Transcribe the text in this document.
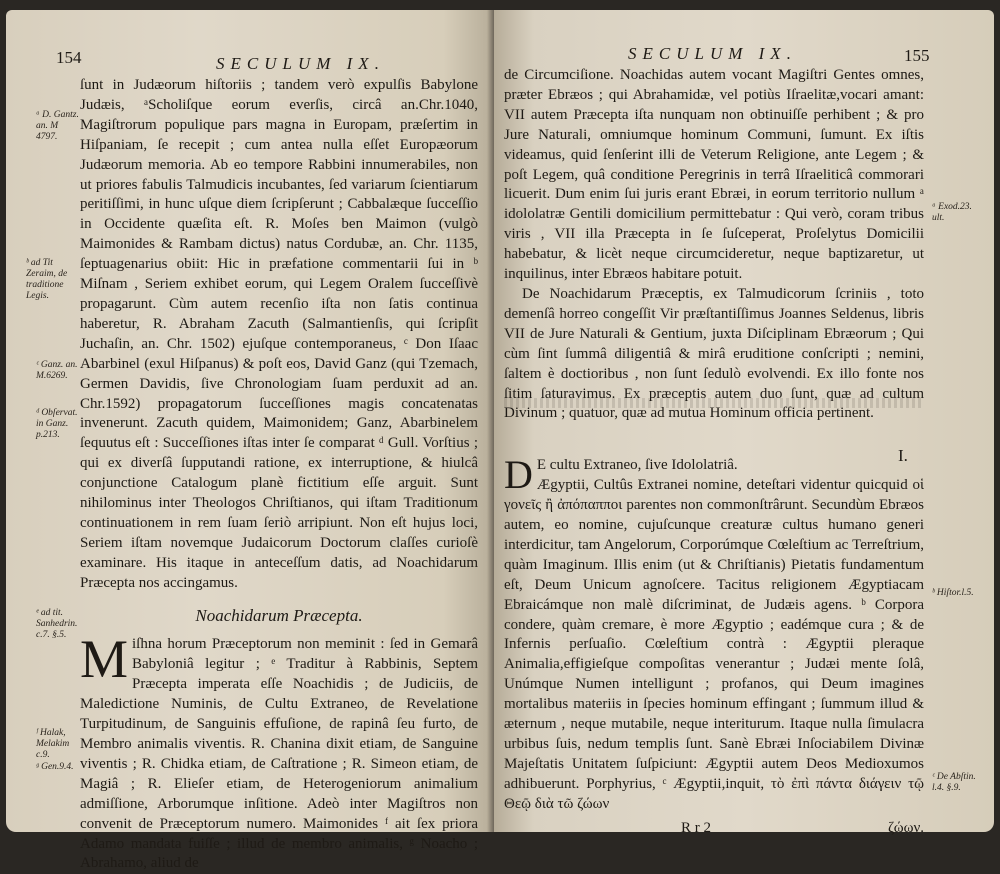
154	SECULUM IX.
ᵃ D. Gantz. an. M 4797.
ᵇ ad Tit Zeraim, de traditione Legis.
ᶜ Ganz. an. M.6269.
ᵈ Obſervat. in Ganz. p.213.
ᵉ ad tit. Sanhedrin. c.7. §.5.
ᶠ Halak, Melakim c.9.
ᵍ Gen.9.4.

ſunt in Judæorum hiſtoriis ; tandem verò expulſis Babylone Judæis, ᵃScholiſque eorum everſis, circâ an.Chr.1040, Magiſtrorum populique pars magna in Europam, præſertim in Hiſpaniam, ſe recepit ; cum antea nulla eſſet Europæorum Judæorum memoria. Ab eo tempore Rabbini innumerabiles, non ut priores fabulis Talmudicis incubantes, ſed variarum ſcientiarum peritiſſimi, in hunc uſque diem ſcripſerunt ; Cabbalæque ſucceſſio in Occidente quæſita eſt. R. Moſes ben Maimon (vulgò Maimonides & Rambam dictus) natus Cordubæ, an. Chr. 1135, ſeptuagenarius obiit: Hic in præfatione commentarii ſui in ᵇ Miſnam , Seriem exhibet eorum, qui Legem Oralem ſucceſſivè propagarunt. Cùm autem recenſio iſta non ſatis continua haberetur, R. Abraham Zacuth (Salmantienſis, qui ſcripſit Juchaſin, an. Chr. 1502) ejuſque contemporaneus, ᶜ Don Iſaac Abarbinel (exul Hiſpanus) & poſt eos, David Ganz (qui Tzemach, Germen Davidis, ſive Chronologiam ſuam perduxit ad an. Chr.1592) propagatorum ſucceſſiones magis concatenatas invenerunt. Zacuth quidem, Maimonidem; Ganz, Abarbinelem ſequutus eſt : Succeſſiones iſtas inter ſe comparat ᵈ Gull. Vorſtius ; qui ex diverſâ ſupputandi ratione, ex interruptione, & hiulcâ conjunctione Catalogum planè fictitium eſſe arguit. Sunt nihilominus inter Theologos Chriſtianos, qui iſtam Traditionum continuationem in rem ſuam ſeriò arripiunt. Non eſt hujus loci, Seriem iſtam novemque Judaicorum Doctorum claſſes curioſè examinare. His itaque in anteceſſum datis, ad Noachidarum Præcepta nos accingamus.

Noachidarum Præcepta.

Miſhna horum Præceptorum non meminit : ſed in Gemarâ Babyloniâ legitur ; ᵉ Traditur à Rabbinis, Septem Præcepta imperata eſſe Noachidis ; de Judiciis, de Maledictione Numinis, de Cultu Extraneo, de Revelatione Turpitudinum, de Sanguinis effuſione, de rapinâ ſeu furto, de Membro animalis viventis. R. Chanina dixit etiam, de Sanguine viventis ; R. Chidka etiam, de Caſtratione ; R. Simeon etiam, de Magiâ ; R. Elieſer etiam, de Heterogeniorum animalium admiſſione, Arborumque inſitione. Adeò inter Magiſtros non convenit de Præceptorum numero. Maimonides ᶠ ait ſex priora Adamo mandata fuiſſe ; illud de membro animalis, ᵍ Noacho ; Abrahamo, aliud de

SECULUM IX.	155
ᵃ Exod.23. ult.
ᵇ Hiſtor.l.5.
ᶜ De Abſtin. l.4. §.9.
I.

de Circumciſione. Noachidas autem vocant Magiſtri Gentes omnes, præter Ebræos ; qui Abrahamidæ, vel potiùs Iſraelitæ,vocari amant: VII autem Præcepta iſta nunquam non obtinuiſſe perhibent ; & pro Jure Naturali, omniumque hominum Communi, ſumunt. Ex iſtis videamus, quid ſenſerint illi de Veterum Religione, ante Legem ; & poſt Legem, quâ conditione Peregrinis in terrâ Iſraeliticâ commorari licuerit. Dum enim ſui juris erant Ebræi, in eorum territorio nullum ᵃ idololatræ Gentili domicilium permittebatur : Qui verò, coram tribus viris , VII illa Præcepta in ſe ſuſceperat, Proſelytus Domicilii habebatur, & licèt neque circumcideretur, neque baptizaretur, ut inquilinus, inter Ebræos habitare potuit.

De Noachidarum Præceptis, ex Talmudicorum ſcriniis , toto demenſâ horreo congeſſit Vir præſtantiſſimus Joannes Seldenus, libris VII de Jure Naturali & Gentium, juxta Diſciplinam Ebræorum ; Qui cùm ſint ſummâ diligentiâ & mirâ eruditione conſcripti ; nemini, ſaltem è doctioribus , non ſunt ſedulò evolvendi. Ex illo fonte nos ſitim ſaturavimus. Ex præceptis autem duo ſunt, quæ ad cultum Divinum ; quatuor, quæ ad mutua Hominum officia pertinent.

D E cultu Extraneo, ſive Idololatriâ.

Ægyptii, Cultûs Extranei nomine, deteſtari videntur quicquid οἱ γονεῖς ἢ ἀπόπαπποι parentes non commonſtrârunt. Secundùm Ebræos autem, eo nomine, cujuſcunque creaturæ cultus humano generi interdicitur, tam Angelorum, Corporúmque Cœleſtium ac Terreſtrium, quàm Imaginum. Illis enim (ut & Chriſtianis) Pietatis fundamentum eſt, Deum Unicum agnoſcere. Tacitus religionem Ægyptiacam Ebraicámque non malè diſcriminat, de Judæis agens. ᵇ Corpora condere, quàm cremare, è more Ægyptio ; eadémque cura ; & de Infernis perſuaſio. Cœleſtium contrà : Ægyptii pleraque Animalia,effigieſque compoſitas venerantur ; Judæi mente ſolâ, Unúmque Numen intelligunt ; profanos, qui Deum imagines mortalibus materiis in ſpecies hominum effingant ; ſummum illud & æternum , neque mutabile, neque interiturum. Itaque nulla ſimulacra urbibus ſuis, nedum templis ſunt. Sanè Ebræi Inſociabilem Divinæ Majeſtatis Unitatem ſuſpiciunt: Ægyptii autem Deos Medioxumos adhibuerunt. Porphyrius, ᶜ Ægyptii,inquit, τὸ ἐπὶ πάντα διάγειν τῷ Θεῷ διὰ τῶ ζώων

R r 2	ζώων.
